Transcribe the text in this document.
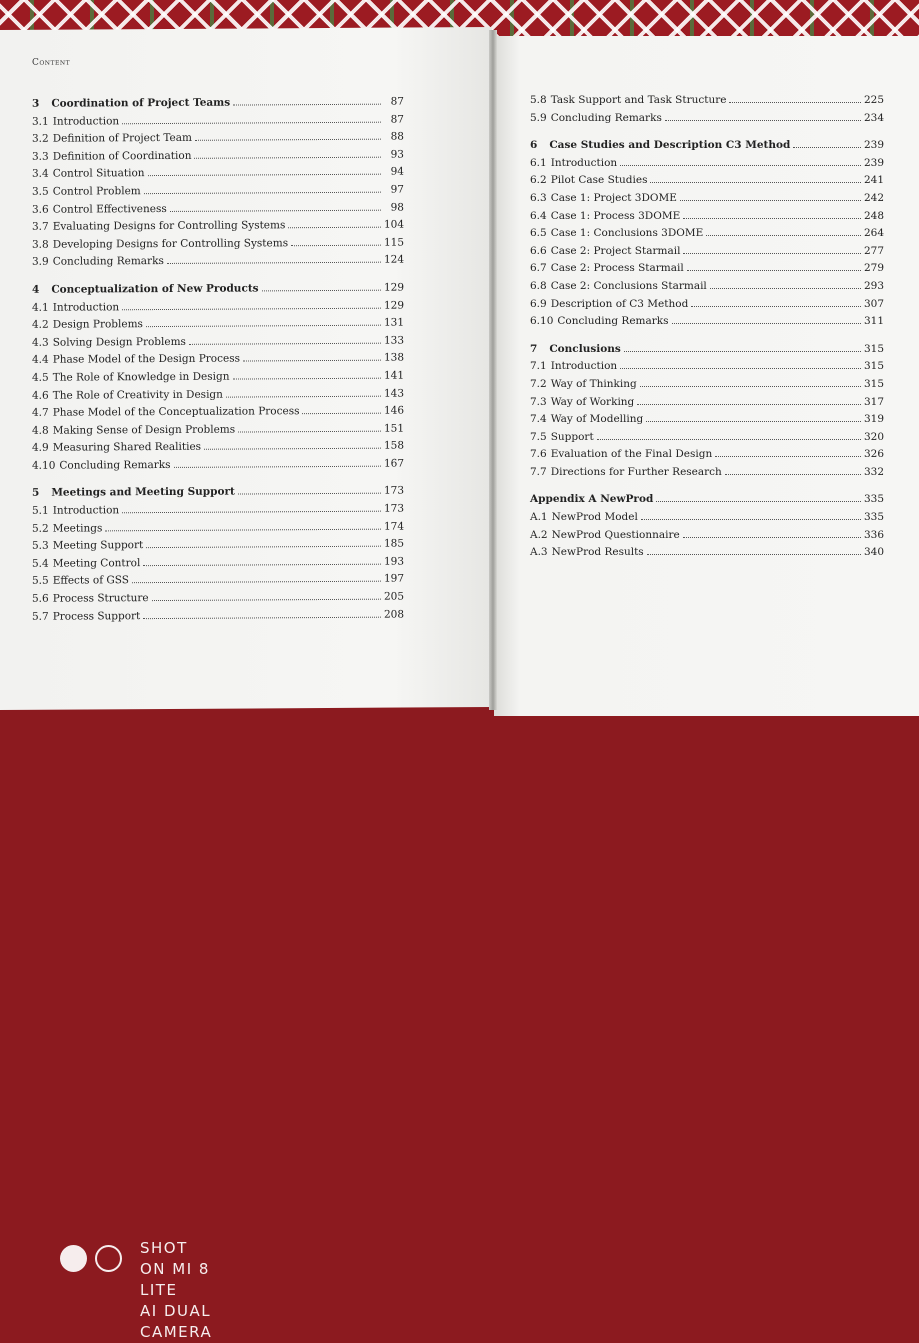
Content
3 Coordination of Project Teams	87
3.1 Introduction	87
3.2 Definition of Project Team	88
3.3 Definition of Coordination	93
3.4 Control Situation	94
3.5 Control Problem	97
3.6 Control Effectiveness	98
3.7 Evaluating Designs for Controlling Systems	104
3.8 Developing Designs for Controlling Systems	115
3.9 Concluding Remarks	124
4 Conceptualization of New Products	129
4.1 Introduction	129
4.2 Design Problems	131
4.3 Solving Design Problems	133
4.4 Phase Model of the Design Process	138
4.5 The Role of Knowledge in Design	141
4.6 The Role of Creativity in Design	143
4.7 Phase Model of the Conceptualization Process	146
4.8 Making Sense of Design Problems	151
4.9 Measuring Shared Realities	158
4.10 Concluding Remarks	167
5 Meetings and Meeting Support	173
5.1 Introduction	173
5.2 Meetings	174
5.3 Meeting Support	185
5.4 Meeting Control	193
5.5 Effects of GSS	197
5.6 Process Structure	205
5.7 Process Support	208
5.8 Task Support and Task Structure	225
5.9 Concluding Remarks	234
6 Case Studies and Description C3 Method	239
6.1 Introduction	239
6.2 Pilot Case Studies	241
6.3 Case 1: Project 3DOME	242
6.4 Case 1: Process 3DOME	248
6.5 Case 1: Conclusions 3DOME	264
6.6 Case 2: Project Starmail	277
6.7 Case 2: Process Starmail	279
6.8 Case 2: Conclusions Starmail	293
6.9 Description of C3 Method	307
6.10 Concluding Remarks	311
7 Conclusions	315
7.1 Introduction	315
7.2 Way of Thinking	315
7.3 Way of Working	317
7.4 Way of Modelling	319
7.5 Support	320
7.6 Evaluation of the Final Design	326
7.7 Directions for Further Research	332
Appendix A NewProd	335
A.1 NewProd Model	335
A.2 NewProd Questionnaire	336
A.3 NewProd Results	340
SHOT ON MI 8 LITE
AI DUAL CAMERA
